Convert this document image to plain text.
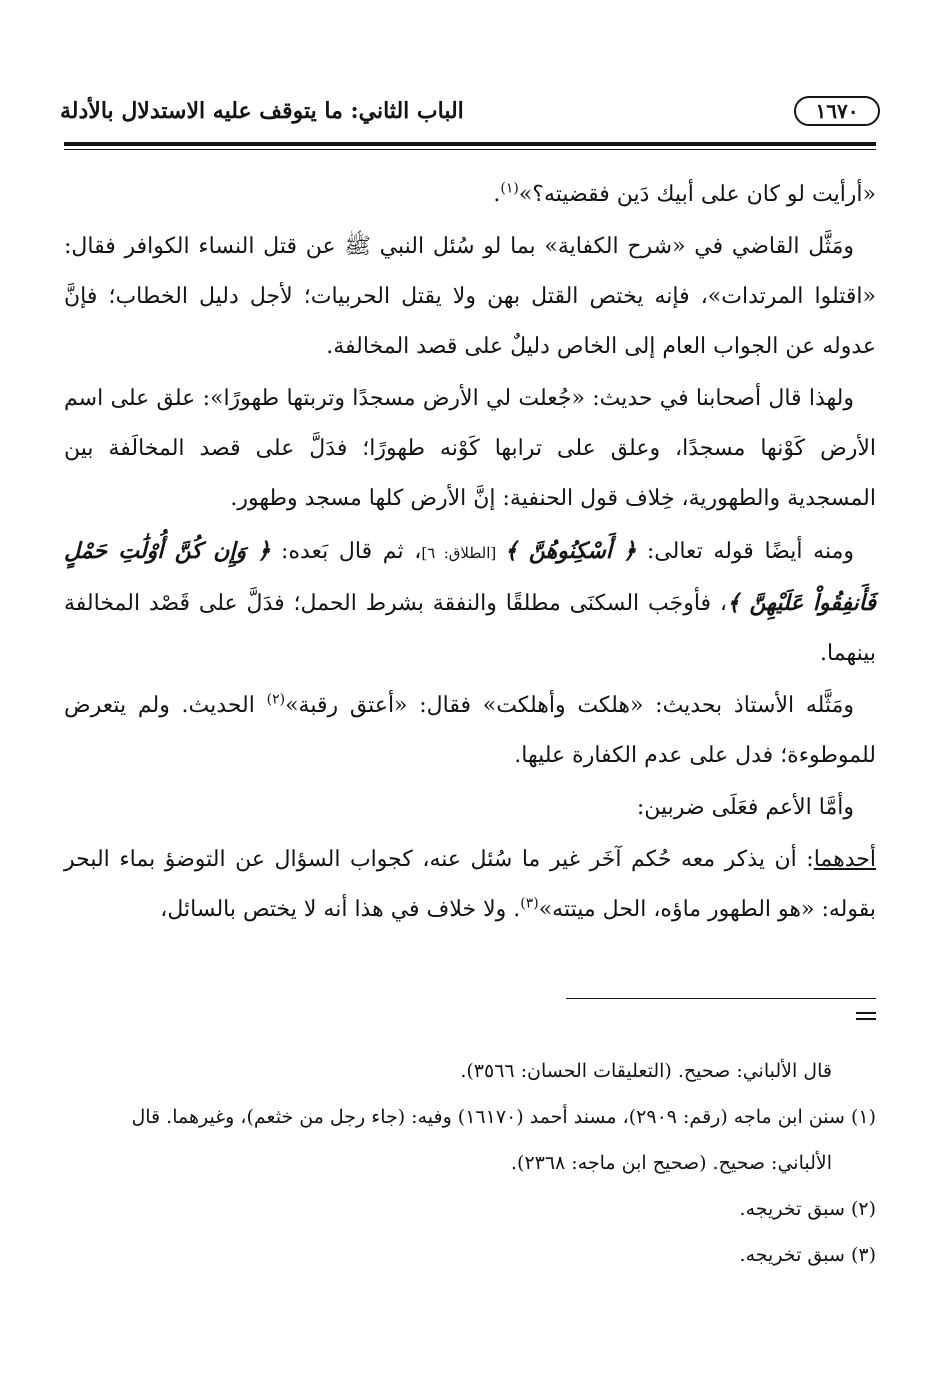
الباب الثاني: ما يتوقف عليه الاستدلال بالأدلة	١٦٧٠

«أرأيت لو كان على أبيك دَين فقضيته؟»$^{(١)}$.

ومَثَّل القاضي في «شرح الكفاية» بما لو سُئل النبي ﷺ عن قتل النساء الكوافر فقال: «اقتلوا المرتدات»، فإنه يختص القتل بهن ولا يقتل الحربيات؛ لأجل دليل الخطاب؛ فإنَّ عدوله عن الجواب العام إلى الخاص دليلٌ على قصد المخالفة.

ولهذا قال أصحابنا في حديث: «جُعلت لي الأرض مسجدًا وتربتها طهورًا»: علق على اسم الأرض كَوْنها مسجدًا، وعلق على ترابها كَوْنه طهورًا؛ فدَلَّ على قصد المخالَفة بين المسجدية والطهورية، خِلاف قول الحنفية: إنَّ الأرض كلها مسجد وطهور.

ومنه أيضًا قوله تعالى: ﴿ أَسْكِنُوهُنَّ ﴾ [الطلاق: ٦]، ثم قال بَعده: ﴿ وَإِن كُنَّ أُوْلَٰتِ حَمْلٍ فَأَنفِقُواْ عَلَيْهِنَّ ﴾، فأوجَب السكنَى مطلقًا والنفقة بشرط الحمل؛ فدَلَّ على قَصْد المخالفة بينهما.

ومَثَّله الأستاذ بحديث: «هلكت وأهلكت» فقال: «أعتق رقبة»$^{(٢)}$ الحديث. ولم يتعرض للموطوءة؛ فدل على عدم الكفارة عليها.

وأمَّا الأعم فعَلَى ضربين:

أحدهما: أن يذكر معه حُكم آخَر غير ما سُئل عنه، كجواب السؤال عن التوضؤ بماء البحر بقوله: «هو الطهور ماؤه، الحل ميتته»$^{(٣)}$. ولا خلاف في هذا أنه لا يختص بالسائل،

قال الألباني: صحيح. (التعليقات الحسان: ٣٥٦٦).

(١) سنن ابن ماجه (رقم: ٢٩٠٩)، مسند أحمد (١٦١٧٠) وفيه: (جاء رجل من خثعم)، وغيرهما. قال

الألباني: صحيح. (صحيح ابن ماجه: ٢٣٦٨).

(٢) سبق تخريجه.

(٣) سبق تخريجه.
